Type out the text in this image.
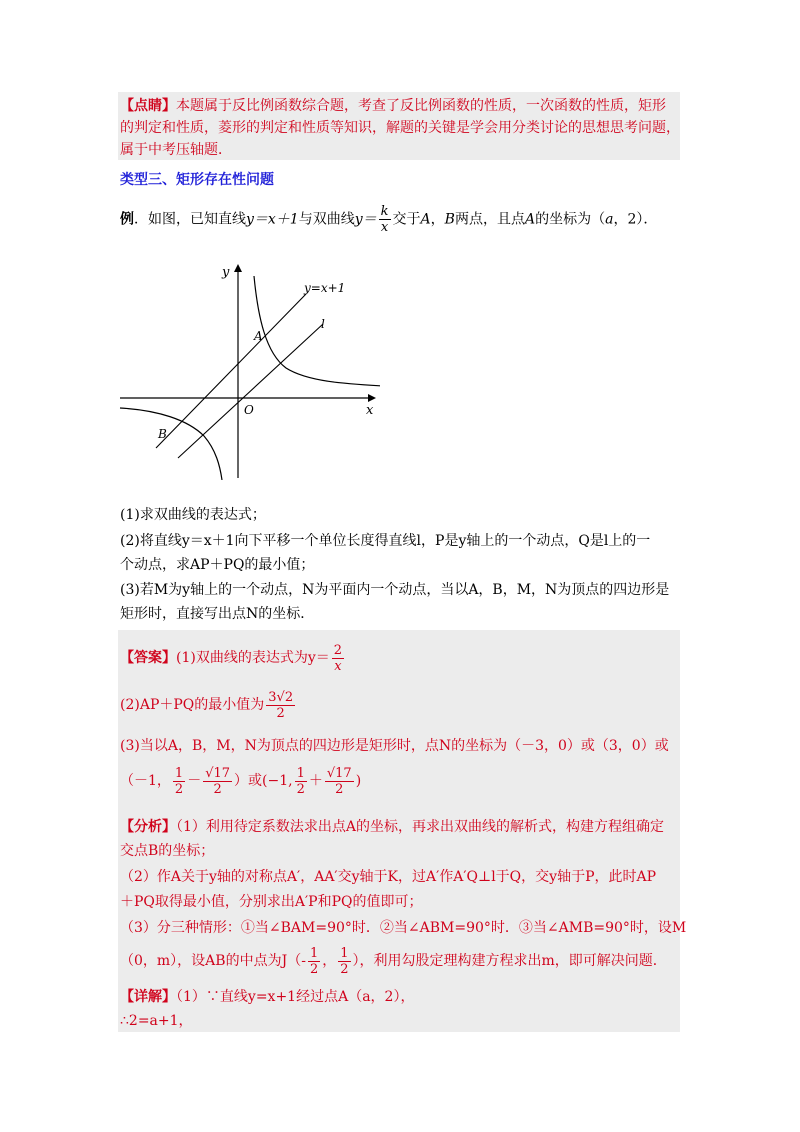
【点睛】本题属于反比例函数综合题，考查了反比例函数的性质，一次函数的性质，矩形
的判定和性质，菱形的判定和性质等知识，解题的关键是学会用分类讨论的思想思考问题，
属于中考压轴题．
类型三、矩形存在性问题
例．如图，已知直线y＝x＋1与双曲线$y= \frac{k}{x}$ 交于A，B两点，且点A的坐标为（a，2）．
y
x
O
A
B
l
y=x+1
(1)求双曲线的表达式；
(2)将直线y＝x＋1向下平移一个单位长度得直线l，P是y轴上的一个动点，Q是l上的一
个动点，求AP＋PQ的最小值；
(3)若M为y轴上的一个动点，N为平面内一个动点，当以A，B，M，N为顶点的四边形是
矩形时，直接写出点N的坐标．
【答案】(1)双曲线的表达式为$y= \frac{2}{x}$
(2)AP＋PQ的最小值为 $\frac{3√2}{2}$
(3)当以A，B，M，N为顶点的四边形是矩形时，点N的坐标为（－3，0）或（3，0）或
（－1， $\frac{1}{2} - \frac{√17}{2}$ ）或(−1, $\frac{1}{2} + \frac{√17}{2}$ )
【分析】（1）利用待定系数法求出点A的坐标，再求出双曲线的解析式，构建方程组确定
交点B的坐标；
（2）作A关于y轴的对称点A′，AA′交y轴于K，过A′作A′Q⊥l于Q，交y轴于P，此时AP
＋PQ取得最小值，分别求出A′P和PQ的值即可；
（3）分三种情形：①当∠BAM=90°时．②当∠ABM=90°时．③当∠AMB=90°时，设M
（0，m），设AB的中点为$J(- \frac{1}{2}$ ， $\frac{1}{2}$ ），利用勾股定理构建方程求出m，即可解决问题．
【详解】（1）∵直线y=x+1经过点A（a，2），
∴2=a+1，
